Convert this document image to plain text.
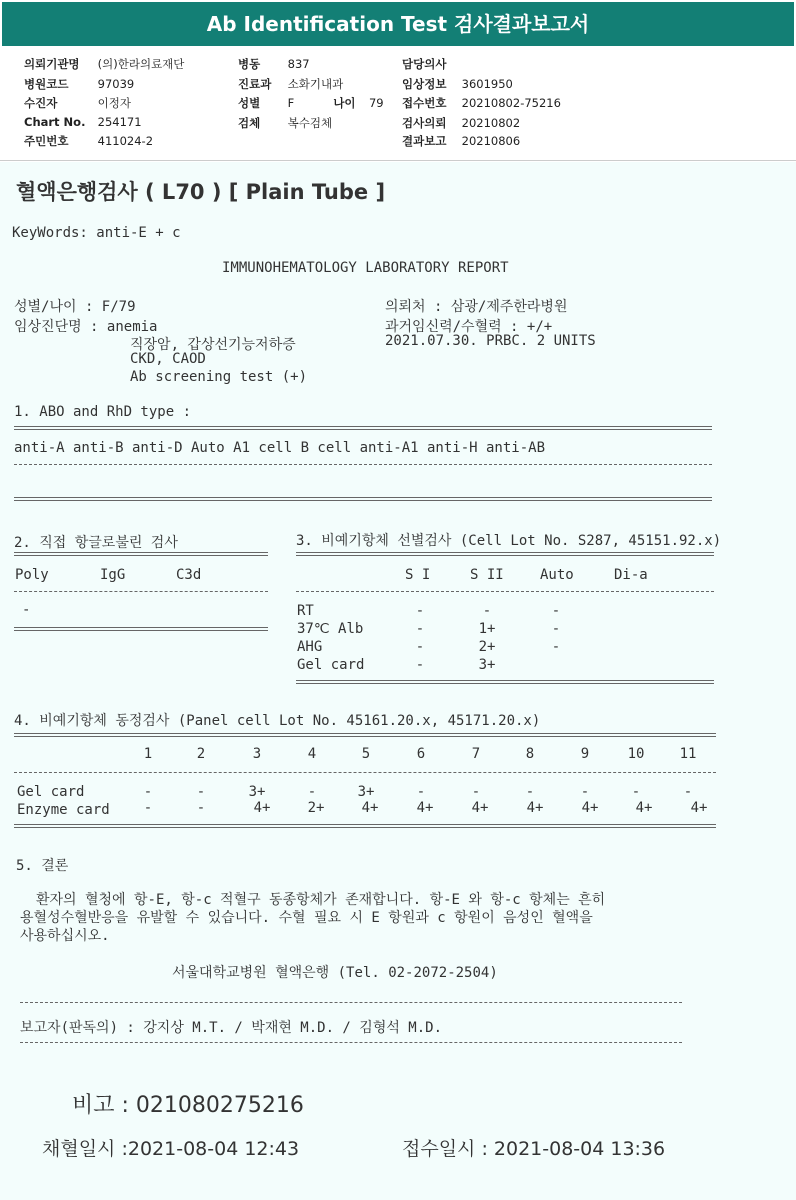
Ab Identification Test 검사결과보고서
의뢰기관명 (의)한라의료재단
병원코드	97039
수진자	이정자
Chart No. 254171
주민번호	411024-2
병동 837
진료과 소화기내과
성별 F	나이 79
검체 복수검체
담당의사
임상정보 3601950
접수번호 20210802-75216
검사의뢰 20210802
결과보고 20210806
혈액은행검사 ( L70 ) [ Plain Tube ]
KeyWords: anti-E + c
IMMUNOHEMATOLOGY LABORATORY REPORT
성별/나이 : F/79
임상진단명 : anemia
직장암, 갑상선기능저하증
CKD, CAOD
Ab screening test (+)
의뢰처 : 삼광/제주한라병원
과거임신력/수혈력 : +/+
2021.07.30. PRBC. 2 UNITS
1. ABO and RhD type :
anti-A anti-B anti-D Auto A1 cell B cell anti-A1 anti-H anti-AB
2. 직접 항글로불린 검사
Poly	IgG	C3d
-
3. 비예기항체 선별검사 (Cell Lot No. S287, 45151.92.x)
S I	S II	Auto	Di-a
RT	-	-	-
37℃ Alb	-	1+	-
AHG	-	2+	-
Gel card	-	3+
4. 비예기항체 동정검사 (Panel cell Lot No. 45161.20.x, 45171.20.x)
1	2	3	4	5	6	7	8	9	10	11
Gel card	-	-	3+	-	3+	-	-	-	-	-	-
Enzyme card	-	-	4+	2+	4+	4+	4+	4+	4+	4+	4+
5. 결론
환자의 혈청에 항-E, 항-c 적혈구 동종항체가 존재합니다. 항-E 와 항-c 항체는 흔히
용혈성수혈반응을 유발할 수 있습니다. 수혈 필요 시 E 항원과 c 항원이 음성인 혈액을
사용하십시오.
서울대학교병원 혈액은행 (Tel. 02-2072-2504)
보고자(판독의) : 강지상 M.T. / 박재현 M.D. / 김형석 M.D.
비고 : 021080275216
채혈일시 :2021-08-04 12:43	접수일시 : 2021-08-04 13:36
